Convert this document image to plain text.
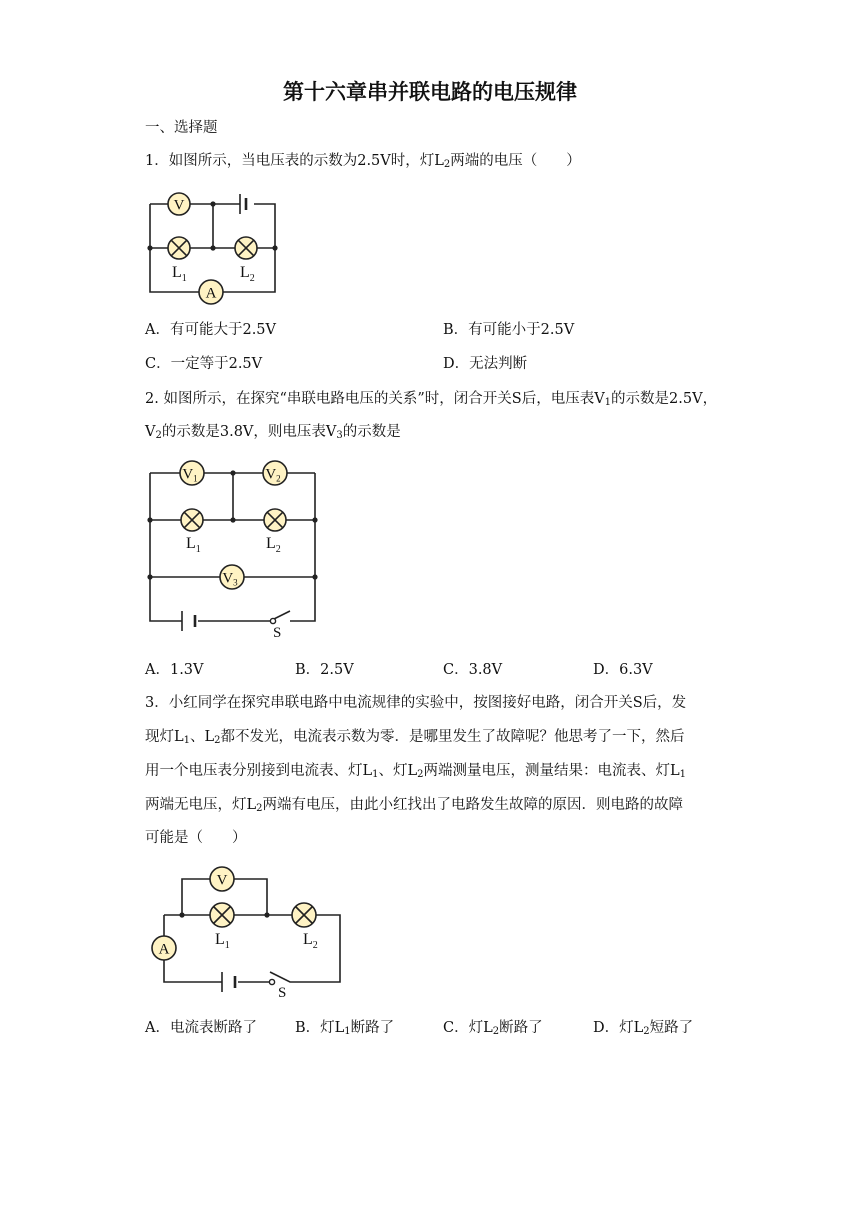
第十六章串并联电路的电压规律
一、选择题
1．如图所示，当电压表的示数为2.5V时，灯$L_2$两端的电压（　　）
V
A
$L_1$	$L_2$
A．有可能大于2.5V	B．有可能小于2.5V
C．一定等于2.5V	D．无法判断
2. 如图所示，在探究“串联电路电压的关系”时，闭合开关S后，电压表$V_1$的示数是2.5V，
$V_2$的示数是3.8V，则电压表$V_3$的示数是
$V_1$	$V_2$
$V_3$
$L_1$	$L_2$
S
A．1.3V	B．2.5V	C．3.8V	D．6.3V
3．小红同学在探究串联电路中电流规律的实验中，按图接好电路，闭合开关S后，发
现灯$L_1$、$L_2$都不发光，电流表示数为零．是哪里发生了故障呢？他思考了一下，然后
用一个电压表分别接到电流表、灯$L_1$、灯$L_2$两端测量电压，测量结果：电流表、灯$L_1$
两端无电压，灯$L_2$两端有电压，由此小红找出了电路发生故障的原因．则电路的故障
可能是（　　）
V
A
$L_1$	$L_2$
S
A．电流表断路了	B．灯$L_1$断路了	C．灯$L_2$断路了	D．灯$L_2$短路了
